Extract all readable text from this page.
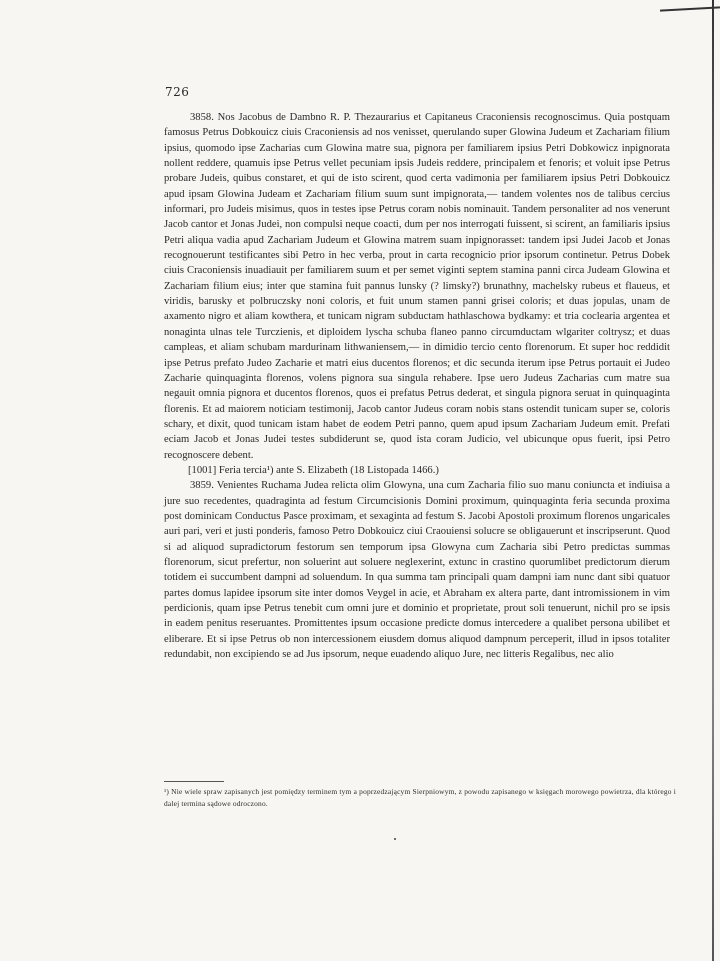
726

3858. Nos Jacobus de Dambno R. P. Thezaurarius et Capitaneus Craconiensis recognoscimus. Quia postquam famosus Petrus Dobkouicz ciuis Craconiensis ad nos venisset, querulando super Glowina Judeum et Zachariam filium ipsius, quomodo ipse Zacharias cum Glowina matre sua, pignora per familiarem ipsius Petri Dobkowicz inpignorata nollent reddere, quamuis ipse Petrus vellet pecuniam ipsis Judeis reddere, principalem et fenoris; et voluit ipse Petrus probare Judeis, quibus constaret, et qui de isto scirent, quod certa vadimonia per familiarem ipsius Petri Dobkouicz apud ipsam Glowina Judeam et Zachariam filium suum sunt impignorata,— tandem volentes nos de talibus cercius informari, pro Judeis misimus, quos in testes ipse Petrus coram nobis nominauit. Tandem personaliter ad nos venerunt Jacob cantor et Jonas Judei, non compulsi neque coacti, dum per nos interrogati fuissent, si scirent, an familiaris ipsius Petri aliqua vadia apud Zachariam Judeum et Glowina matrem suam inpignorasset: tandem ipsi Judei Jacob et Jonas recognouerunt testificantes sibi Petro in hec verba, prout in carta recognicio prior ipsorum continetur. Petrus Dobek ciuis Craconiensis inuadiauit per familiarem suum et per semet viginti septem stamina panni circa Judeam Glowina et Zachariam filium eius; inter que stamina fuit pannus lunsky (? limsky?) brunathny, machelsky rubeus et flaueus, et viridis, barusky et polbruczsky noni coloris, et fuit unum stamen panni grisei coloris; et duas jopulas, unam de axamento nigro et aliam kowthera, et tunicam nigram subductam hathlaschowa bydkamy: et tria coclearia argentea et nonaginta ulnas tele Turczienis, et diploidem lyscha schuba flaneo panno circumductam wlgariter coltrysz; et duas campleas, et aliam schubam mardurinam lithwaniensem,— in dimidio tercio cento florenorum. Et super hoc reddidit ipse Petrus prefato Judeo Zacharie et matri eius ducentos florenos; et dic secunda iterum ipse Petrus portauit ei Judeo Zacharie quinquaginta florenos, volens pignora sua singula rehabere. Ipse uero Judeus Zacharias cum matre sua negauit omnia pignora et ducentos florenos, quos ei prefatus Petrus dederat, et singula pignora seruat in quinquaginta florenis. Et ad maiorem noticiam testimonij, Jacob cantor Judeus coram nobis stans ostendit tunicam super se, coloris schary, et dixit, quod tunicam istam habet de eodem Petri panno, quem apud ipsum Zachariam Judeum emit. Prefati eciam Jacob et Jonas Judei testes subdiderunt se, quod ista coram Judicio, vel ubicunque opus fuerit, ipsi Petro recognoscere debent.

[1001] Feria tercia¹) ante S. Elizabeth (18 Listopada 1466.)

3859. Venientes Ruchama Judea relicta olim Glowyna, una cum Zacharia filio suo manu coniuncta et indiuisa a jure suo recedentes, quadraginta ad festum Circumcisionis Domini proximum, quinquaginta feria secunda proxima post dominicam Conductus Pasce proximam, et sexaginta ad festum S. Jacobi Apostoli proximum florenos ungaricales auri pari, veri et justi ponderis, famoso Petro Dobkouicz ciui Craouiensi solucre se obligauerunt et inscripserunt. Quod si ad aliquod supradictorum festorum sen temporum ipsa Glowyna cum Zacharia sibi Petro predictas summas florenorum, sicut prefertur, non soluerint aut soluere neglexerint, extunc in crastino quorumlibet predictorum dierum totidem ei succumbent dampni ad soluendum. In qua summa tam principali quam dampni iam nunc dant sibi quatuor partes domus lapidee ipsorum site inter domos Veygel in acie, et Abraham ex altera parte, dant intromissionem in vim perdicionis, quam ipse Petrus tenebit cum omni jure et dominio et proprietate, prout soli tenuerunt, nichil pro se ipsis in eadem penitus reseruantes. Promittentes ipsum occasione predicte domus intercedere a qualibet persona ubilibet et eliberare. Et si ipse Petrus ob non intercessionem eiusdem domus aliquod dampnum perceperit, illud in ipsos totaliter redundabit, non excipiendo se ad Jus ipsorum, neque euadendo aliquo Jure, nec litteris Regalibus, nec alio

¹) Nie wiele spraw zapisanych jest pomiędzy terminem tym a poprzedzającym Sierpniowym, z powodu zapisanego w księgach morowego powietrza, dla którego i dalej termina sądowe odroczono.
